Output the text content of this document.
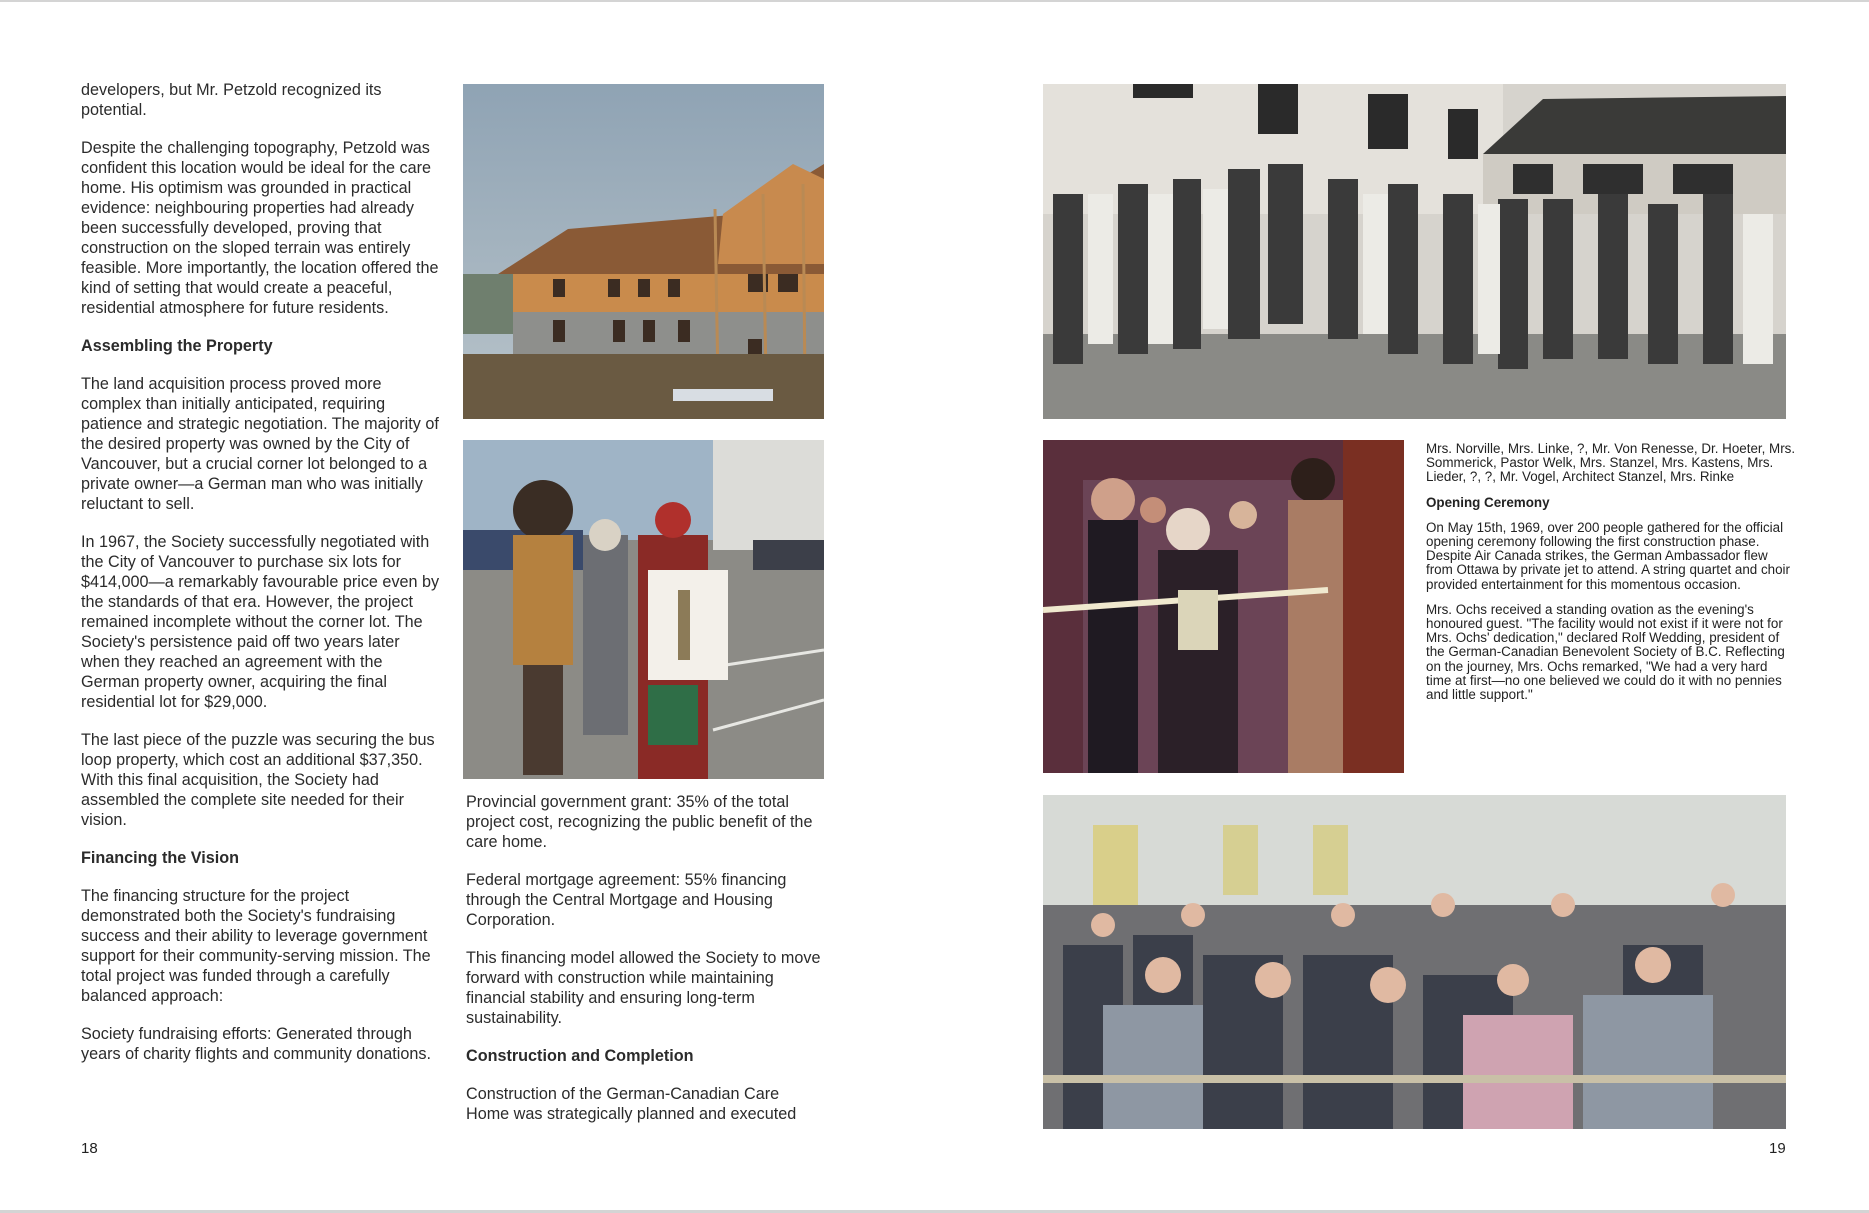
developers, but Mr. Petzold recognized its potential.

Despite the challenging topography, Petzold was confident this location would be ideal for the care home. His optimism was grounded in practical evidence: neighbouring properties had already been successfully developed, proving that construction on the sloped terrain was entirely feasible. More importantly, the location offered the kind of setting that would create a peaceful, residential atmosphere for future residents.

Assembling the Property

The land acquisition process proved more complex than initially anticipated, requiring patience and strategic negotiation. The majority of the desired property was owned by the City of Vancouver, but a crucial corner lot belonged to a private owner—a German man who was initially reluctant to sell.

In 1967, the Society successfully negotiated with the City of Vancouver to purchase six lots for $414,000—a remarkably favourable price even by the standards of that era. However, the project remained incomplete without the corner lot. The Society's persistence paid off two years later when they reached an agreement with the German property owner, acquiring the final residential lot for $29,000.

The last piece of the puzzle was securing the bus loop property, which cost an additional $37,350. With this final acquisition, the Society had assembled the complete site needed for their vision.

Financing the Vision

The financing structure for the project demonstrated both the Society's fundraising success and their ability to leverage government support for their community-serving mission. The total project was funded through a carefully balanced approach:

Society fundraising efforts: Generated through years of charity flights and community donations.

Provincial government grant: 35% of the total project cost, recognizing the public benefit of the care home.

Federal mortgage agreement: 55% financing through the Central Mortgage and Housing Corporation.

This financing model allowed the Society to move forward with construction while maintaining financial stability and ensuring long-term sustainability.

Construction and Completion

Construction of the German-Canadian Care Home was strategically planned and executed

18

Mrs. Norville, Mrs. Linke, ?, Mr. Von Renesse, Dr. Hoeter, Mrs. Sommerick, Pastor Welk, Mrs. Stanzel, Mrs. Kastens, Mrs. Lieder, ?, ?, Mr. Vogel, Architect Stanzel, Mrs. Rinke

Opening Ceremony

On May 15th, 1969, over 200 people gathered for the official opening ceremony following the first construction phase. Despite Air Canada strikes, the German Ambassador flew from Ottawa by private jet to attend. A string quartet and choir provided entertainment for this momentous occasion.

Mrs. Ochs received a standing ovation as the evening's honoured guest. "The facility would not exist if it were not for Mrs. Ochs' dedication," declared Rolf Wedding, president of the German-Canadian Benevolent Society of B.C. Reflecting on the journey, Mrs. Ochs remarked, "We had a very hard time at first—no one believed we could do it with no pennies and little support."

19
